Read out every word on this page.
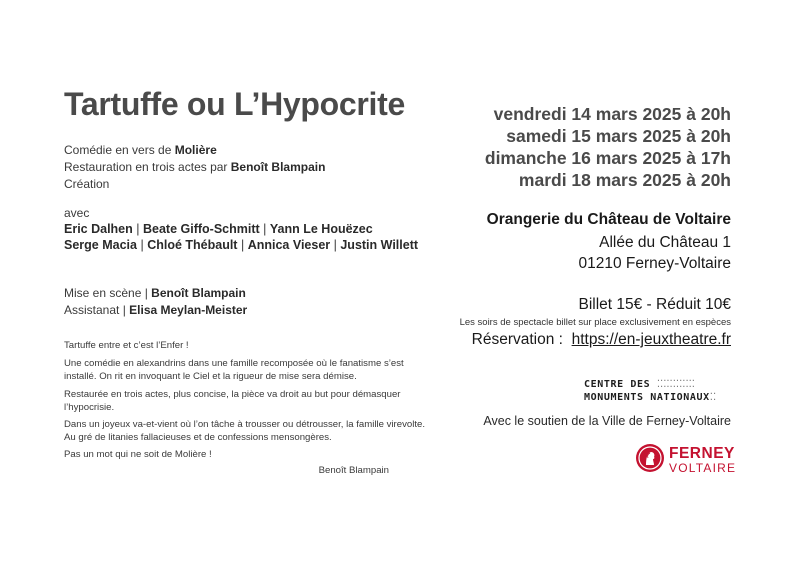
Tartuffe ou L’Hypocrite
Comédie en vers de Molière
Restauration en trois actes par Benoît Blampain
Création
avec
Eric Dalhen | Beate Giffo-Schmitt | Yann Le Houëzec
Serge Macia | Chloé Thébault | Annica Vieser | Justin Willett
Mise en scène | Benoît Blampain
Assistanat | Elisa Meylan-Meister
Tartuffe entre et c’est l’Enfer !
Une comédie en alexandrins dans une famille recomposée où le fanatisme s’est installé. On rit en invoquant le Ciel et la rigueur de mise sera démise.
Restaurée en trois actes, plus concise, la pièce va droit au but pour démasquer l’hypocrisie.
Dans un joyeux va-et-vient où l’on tâche à trousser ou détrousser, la famille virevolte. Au gré de litanies fallacieuses et de confessions mensongères.
Pas un mot qui ne soit de Molière !
Benoît Blampain
vendredi 14 mars 2025 à 20h
samedi 15 mars 2025 à 20h
dimanche 16 mars 2025 à 17h
mardi 18 mars 2025 à 20h
Orangerie du Château de Voltaire
Allée du Château 1
01210 Ferney-Voltaire
Billet 15€ - Réduit 10€
Les soirs de spectacle billet sur place exclusivement en espèces
Réservation : https://en-jeuxtheatre.fr
CENTRE DES ⁚⁚⁚⁚⁚⁚⁚⁚⁚⁚⁚⁚
MONUMENTS NATIONAUX⁚⁚
Avec le soutien de la Ville de Ferney-Voltaire
FERNEY
VOLTAIRE
